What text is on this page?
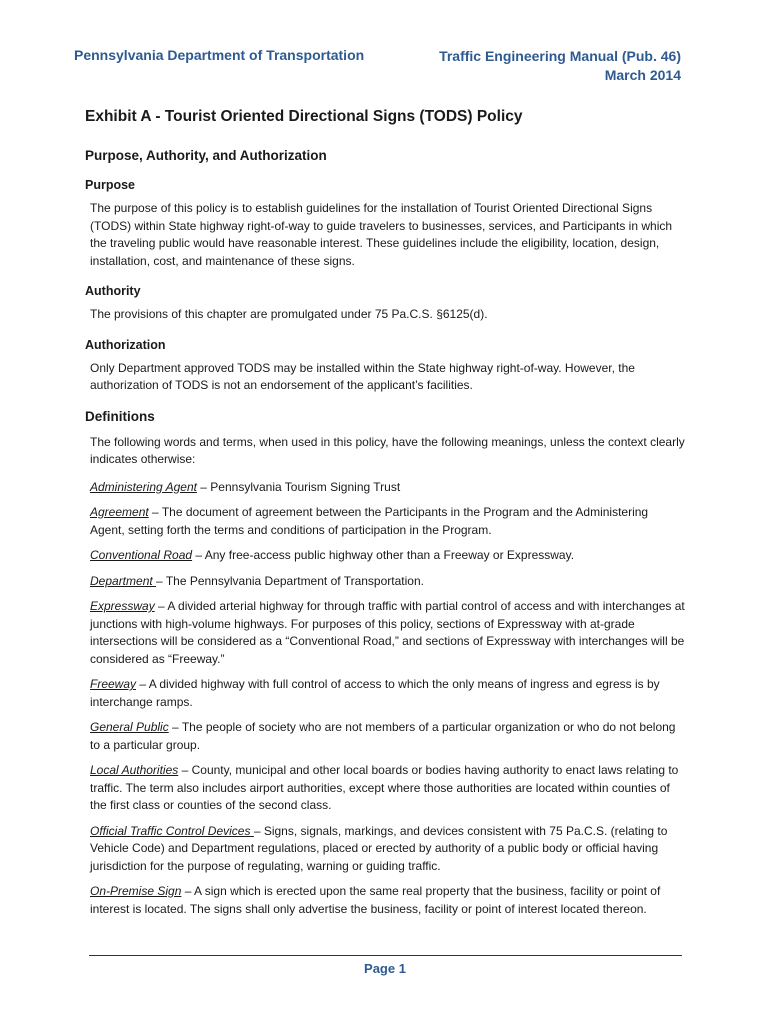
Pennsylvania Department of Transportation	Traffic Engineering Manual (Pub. 46)
March 2014
Exhibit A - Tourist Oriented Directional Signs (TODS) Policy
Purpose, Authority, and Authorization
Purpose

The purpose of this policy is to establish guidelines for the installation of Tourist Oriented Directional Signs (TODS) within State highway right-of-way to guide travelers to businesses, services, and Participants in which the traveling public would have reasonable interest. These guidelines include the eligibility, location, design, installation, cost, and maintenance of these signs.

Authority

The provisions of this chapter are promulgated under 75 Pa.C.S. §6125(d).

Authorization

Only Department approved TODS may be installed within the State highway right-of-way. However, the authorization of TODS is not an endorsement of the applicant’s facilities.

Definitions

The following words and terms, when used in this policy, have the following meanings, unless the context clearly indicates otherwise:

Administering Agent – Pennsylvania Tourism Signing Trust

Agreement – The document of agreement between the Participants in the Program and the Administering Agent, setting forth the terms and conditions of participation in the Program.

Conventional Road – Any free-access public highway other than a Freeway or Expressway.

Department – The Pennsylvania Department of Transportation.

Expressway – A divided arterial highway for through traffic with partial control of access and with interchanges at junctions with high-volume highways. For purposes of this policy, sections of Expressway with at-grade intersections will be considered as a “Conventional Road,” and sections of Expressway with interchanges will be considered as “Freeway.”

Freeway – A divided highway with full control of access to which the only means of ingress and egress is by interchange ramps.

General Public – The people of society who are not members of a particular organization or who do not belong to a particular group.

Local Authorities – County, municipal and other local boards or bodies having authority to enact laws relating to traffic. The term also includes airport authorities, except where those authorities are located within counties of the first class or counties of the second class.

Official Traffic Control Devices – Signs, signals, markings, and devices consistent with 75 Pa.C.S. (relating to Vehicle Code) and Department regulations, placed or erected by authority of a public body or official having jurisdiction for the purpose of regulating, warning or guiding traffic.

On-Premise Sign – A sign which is erected upon the same real property that the business, facility or point of interest is located. The signs shall only advertise the business, facility or point of interest located thereon.

Page 1
